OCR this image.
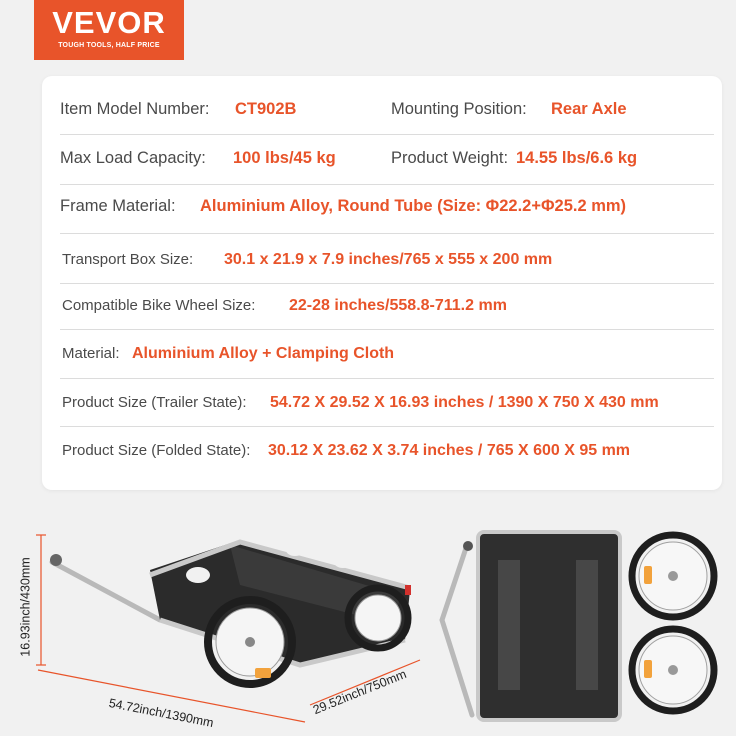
VEVOR
TOUGH TOOLS, HALF PRICE
Item Model Number: CT902B	Mounting Position: Rear Axle
Max Load Capacity: 100 lbs/45 kg	Product Weight: 14.55 lbs/6.6 kg
Frame Material: Aluminium Alloy, Round Tube (Size: Φ22.2+Φ25.2 mm)
Transport Box Size: 30.1 x 21.9 x 7.9 inches/765 x 555 x 200 mm
Compatible Bike Wheel Size: 22-28 inches/558.8-711.2 mm
Material: Aluminium Alloy + Clamping Cloth
Product Size (Trailer State): 54.72 X 29.52 X 16.93 inches / 1390 X 750 X 430 mm
Product Size (Folded State): 30.12 X 23.62 X 3.74 inches / 765 X 600 X 95 mm
16.93inch/430mm
54.72inch/1390mm	29.52inch/750mm
